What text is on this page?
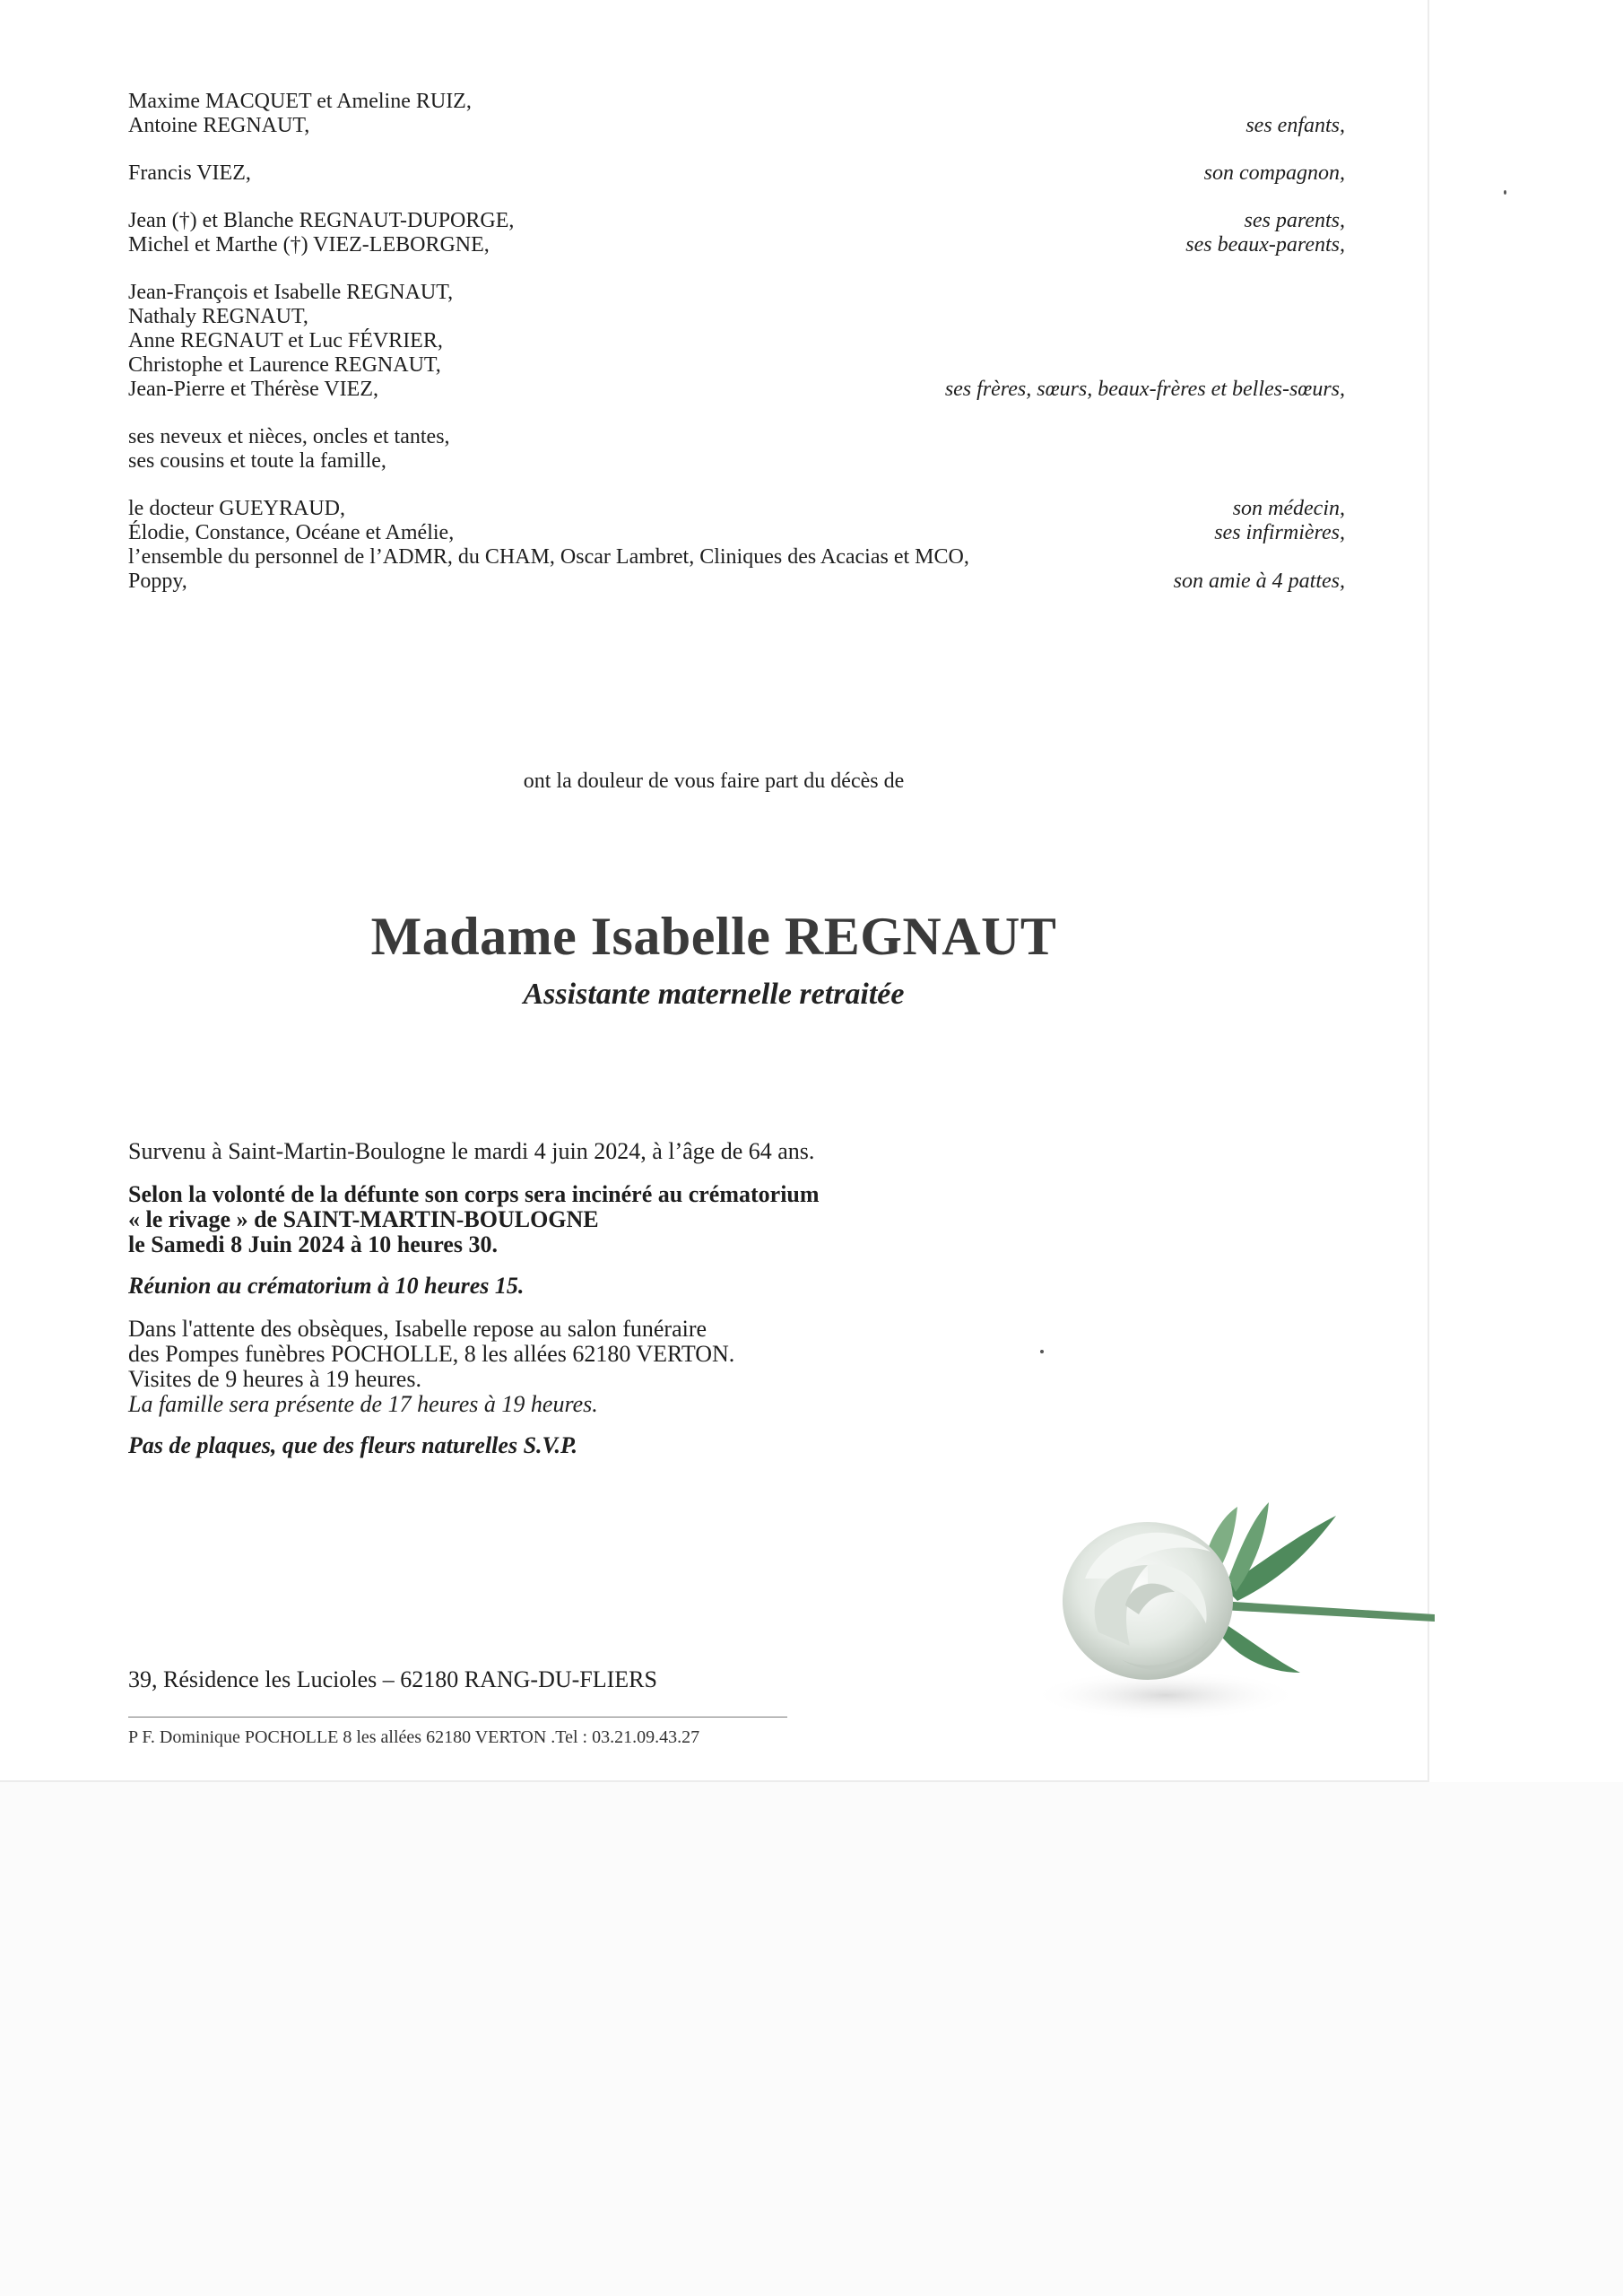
Maxime MACQUET et Ameline RUIZ,
Antoine REGNAUT,	ses enfants,
Francis VIEZ,	son compagnon,
Jean (†) et Blanche REGNAUT-DUPORGE,	ses parents,
Michel et Marthe (†) VIEZ-LEBORGNE,	ses beaux-parents,
Jean-François et Isabelle REGNAUT,
Nathaly REGNAUT,
Anne REGNAUT et Luc FÉVRIER,
Christophe et Laurence REGNAUT,
Jean-Pierre et Thérèse VIEZ,	ses frères, sœurs, beaux-frères et belles-sœurs,
ses neveux et nièces, oncles et tantes,
ses cousins et toute la famille,
le docteur GUEYRAUD,	son médecin,
Élodie, Constance, Océane et Amélie,	ses infirmières,
l’ensemble du personnel de l’ADMR, du CHAM, Oscar Lambret, Cliniques des Acacias et MCO,
Poppy,	son amie à 4 pattes,
ont la douleur de vous faire part du décès de
Madame Isabelle REGNAUT
Assistante maternelle retraitée

Survenu à Saint-Martin-Boulogne le mardi 4 juin 2024, à l’âge de 64 ans.

Selon la volonté de la défunte son corps sera incinéré au crématorium
« le rivage » de SAINT-MARTIN-BOULOGNE
le Samedi 8 Juin 2024 à 10 heures 30.

Réunion au crématorium à 10 heures 15.

Dans l'attente des obsèques, Isabelle repose au salon funéraire
des Pompes funèbres POCHOLLE, 8 les allées 62180 VERTON.
Visites de 9 heures à 19 heures.
La famille sera présente de 17 heures à 19 heures.

Pas de plaques, que des fleurs naturelles S.V.P.

39, Résidence les Lucioles – 62180 RANG-DU-FLIERS
P F. Dominique POCHOLLE 8 les allées 62180 VERTON .Tel : 03.21.09.43.27
